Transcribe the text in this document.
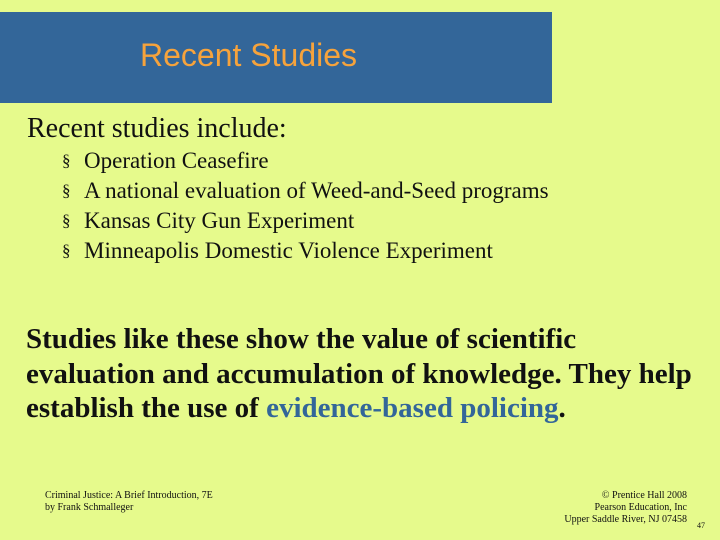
Recent Studies
Recent studies include:
§ Operation Ceasefire
§ A national evaluation of Weed-and-Seed programs
§ Kansas City Gun Experiment
§ Minneapolis Domestic Violence Experiment
Studies like these show the value of scientific evaluation and accumulation of knowledge. They help establish the use of evidence-based policing.
Criminal Justice: A Brief Introduction, 7E
by Frank Schmalleger
© Prentice Hall 2008
Pearson Education, Inc
Upper Saddle River, NJ 07458
47
